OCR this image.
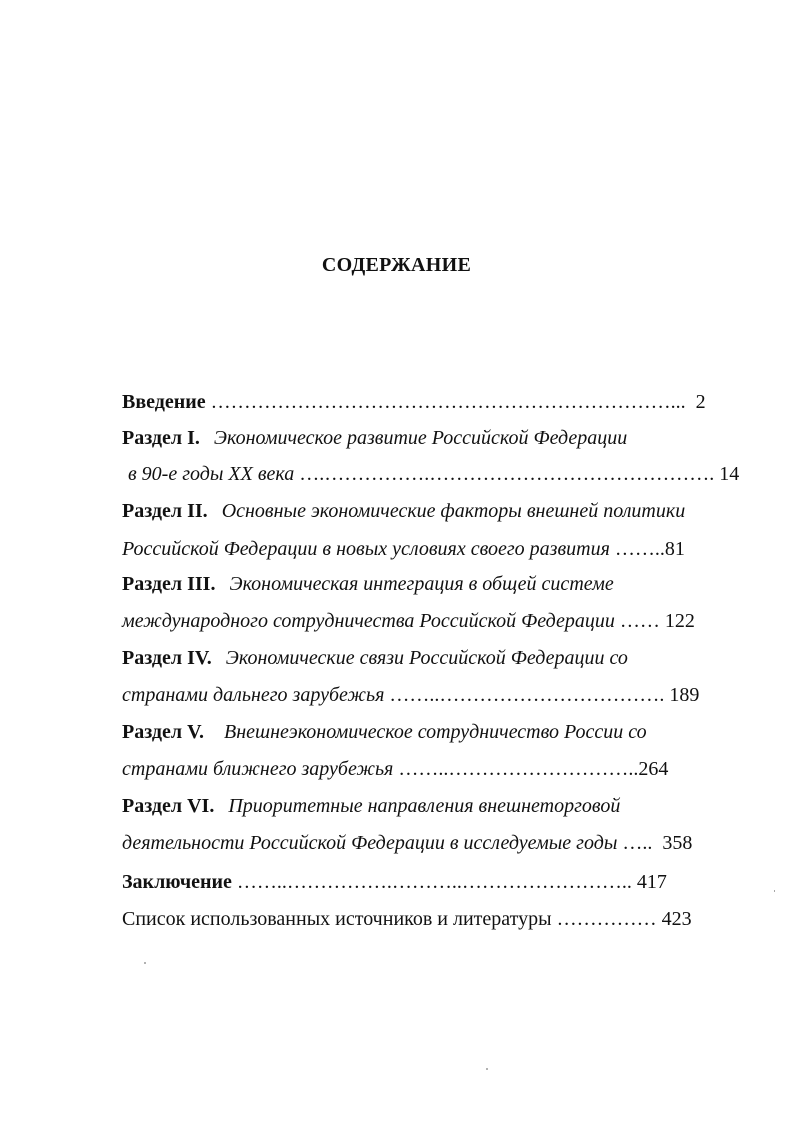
СОДЕРЖАНИЕ
Введение ……………………………………………………………... 2
Раздел I. Экономическое развитие Российской Федерации
в 90-е годы XX века ….…………….……………………………………. 14
Раздел II. Основные экономические факторы внешней политики
Российской Федерации в новых условиях своего развития ……..81
Раздел III. Экономическая интеграция в общей системе
международного сотрудничества Российской Федерации …… 122
Раздел IV. Экономические связи Российской Федерации со
странами дальнего зарубежья ……..……………………………. 189
Раздел V. Внешнеэкономическое сотрудничество России со
странами ближнего зарубежья ……..………………………..264
Раздел VI. Приоритетные направления внешнеторговой
деятельности Российской Федерации в исследуемые годы ….. 358
Заключение ……..…………….………..…………………….. 417
Список использованных источников и литературы …………… 423
